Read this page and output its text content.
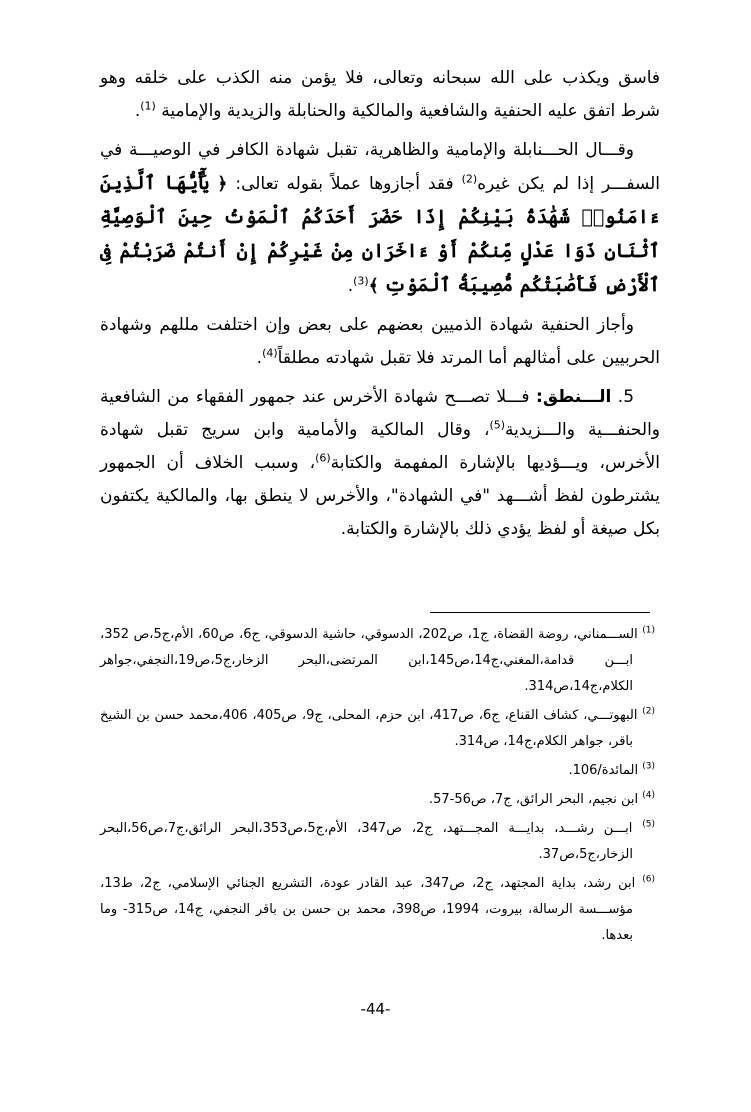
فاسق ويكذب على الله سبحانه وتعالى، فلا يؤمن منه الكذب على خلقه وهو شرط اتفق عليه الحنفية والشافعية والمالكية والحنابلة والزيدية والإمامية $^{(1)}$.

وقـــال الحـــنابلة والإمامية والظاهرية، تقبل شهادة الكافر في الوصيـــة في السفـــر إذا لم يكن غيره$^{(2)}$ فقد أجازوها عملاً بقوله تعالى: ﴿ يَٰٓأَيُّهَا ٱلَّذِينَ ءَامَنُوا۟ شَهَٰدَةُ بَيْنِكُمْ إِذَا حَضَرَ أَحَدَكُمُ ٱلْمَوْتُ حِينَ ٱلْوَصِيَّةِ ٱثْنَانِ ذَوَا عَدْلٍ مِّنكُمْ أَوْ ءَاخَرَانِ مِنْ غَيْرِكُمْ إِنْ أَنتُمْ ضَرَبْتُمْ فِى ٱلْأَرْضِ فَأَصَٰبَتْكُم مُّصِيبَةُ ٱلْمَوْتِ ﴾$^{(3)}$.

وأجاز الحنفية شهادة الذميين بعضهم على بعض وإن اختلفت مللهم وشهادة الحربيين على أمثالهم أما المرتد فلا تقبل شهادته مطلقاً$^{(4)}$.

5. الـــنطق: فـــلا تصـــح شهادة الأخرس عند جمهور الفقهاء من الشافعية والحنفـــية والـــزيدية$^{(5)}$، وقال المالكية والأمامية وابن سريج تقبل شهادة الأخرس، ويـــؤديها بالإشارة المفهمة والكتابة$^{(6)}$، وسبب الخلاف أن الجمهور يشترطون لفظ أشـــهد "في الشهادة"، والأخرس لا ينطق بها، والمالكية يكتفون بكل صيغة أو لفظ يؤدي ذلك بالإشارة والكتابة.

$^{(1)}$ الســـمناني، روضة القضاة، ج1، ص202، الدسوقي، حاشية الدسوقي، ج6، ص60، الأم،ج5،ص 352، ابـــن قدامة،المغني،ج14،ص145،ابن المرتضى،البحر الزخار،ج5،ص19،النجفي،جواهر الكلام،ج14،ص314.

$^{(2)}$ البهوتـــي، كشاف القناع، ج6، ص417، ابن حزم، المحلى، ج9، ص405، 406،محمد حسن بن الشيخ باقر، جواهر الكلام،ج14، ص314.

$^{(3)}$ المائدة/106.

$^{(4)}$ ابن نجيم، البحر الرائق، ج7، ص56-57.

$^{(5)}$ ابـــن رشـــد، بدايـــة المجـــتهد، ج2، ص347، الأم،ج5،ص353،البحر الرائق،ج7،ص56،البحر الزخار،ج5،ص37.

$^{(6)}$ ابن رشد، بداية المجتهد، ج2، ص347، عبد القادر عودة، التشريع الجنائي الإسلامي، ج2، ط13، مؤســـسة الرسالة، بيروت، 1994، ص398، محمد بن حسن بن باقر النجفي، ج14، ص315- وما بعدها.

-44-
